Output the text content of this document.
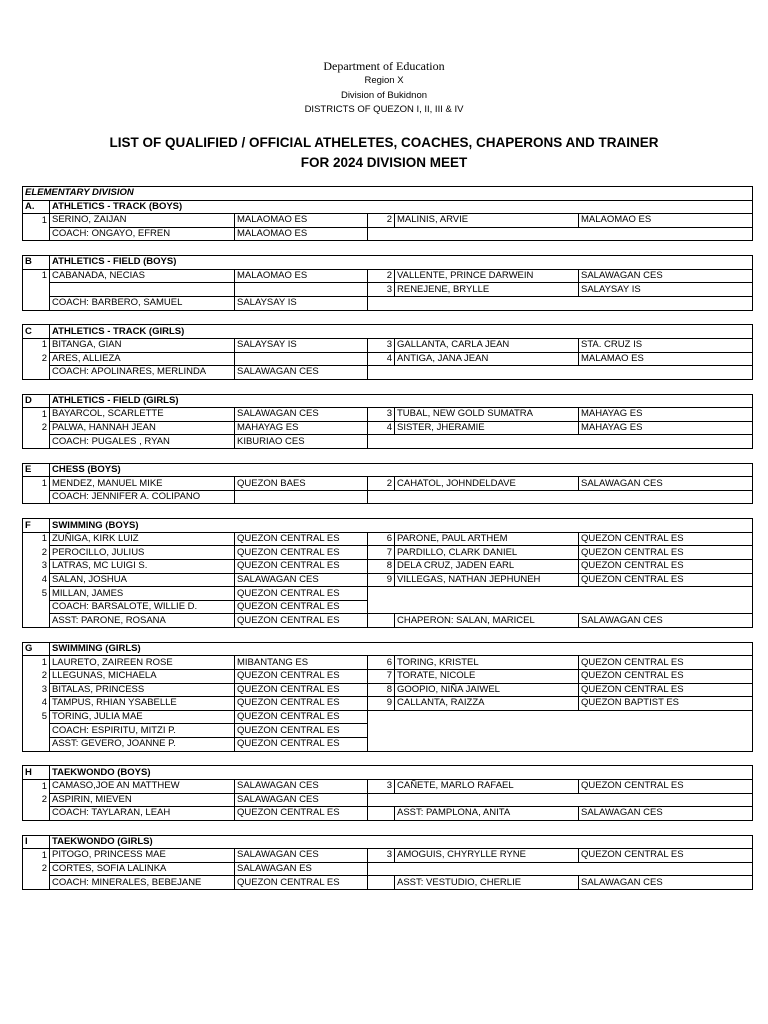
Department of Education
Region X
Division of Bukidnon
DISTRICTS OF QUEZON I, II, III & IV
LIST OF QUALIFIED / OFFICIAL ATHELETES, COACHES, CHAPERONS AND TRAINER
FOR 2024 DIVISION MEET
ELEMENTARY DIVISION					
A.	ATHLETICS - TRACK (BOYS)				
1	SERINO, ZAIJAN	MALAOMAO ES	2	MALINIS, ARVIE	MALAOMAO ES
	COACH: ONGAYO, EFREN	MALAOMAO ES			

B	ATHLETICS - FIELD (BOYS)				
1	CABANADA, NECIAS	MALAOMAO ES	2	VALLENTE, PRINCE DARWEIN	SALAWAGAN CES
			3	RENEJENE, BRYLLE	SALAYSAY IS
	COACH: BARBERO, SAMUEL	SALAYSAY IS			

C	ATHLETICS - TRACK (GIRLS)				
1	BITANGA, GIAN	SALAYSAY IS	3	GALLANTA, CARLA JEAN	STA. CRUZ IS
2	ARES, ALLIEZA		4	ANTIGA, JANA JEAN	MALAMAO ES
	COACH: APOLINARES, MERLINDA	SALAWAGAN CES			

D	ATHLETICS - FIELD (GIRLS)				
1	BAYARCOL, SCARLETTE	SALAWAGAN CES	3	TUBAL, NEW GOLD SUMATRA	MAHAYAG ES
2	PALWA, HANNAH JEAN	MAHAYAG ES	4	SISTER, JHERAMIE	MAHAYAG ES
	COACH: PUGALES , RYAN	KIBURIAO CES			

E	CHESS (BOYS)				
1	MENDEZ, MANUEL MIKE	QUEZON BAES	2	CAHATOL, JOHNDELDAVE	SALAWAGAN CES
	COACH: JENNIFER A. COLIPANO				

F	SWIMMING (BOYS)				
1	ZUÑIGA, KIRK LUIZ	QUEZON CENTRAL ES	6	PARONE, PAUL ARTHEM	QUEZON CENTRAL ES
2	PEROCILLO, JULIUS	QUEZON CENTRAL ES	7	PARDILLO, CLARK DANIEL	QUEZON CENTRAL ES
3	LATRAS, MC LUIGI S.	QUEZON CENTRAL ES	8	DELA CRUZ, JADEN EARL	QUEZON CENTRAL ES
4	SALAN, JOSHUA	SALAWAGAN CES	9	VILLEGAS, NATHAN JEPHUNEH	QUEZON CENTRAL ES
5	MILLAN, JAMES	QUEZON CENTRAL ES			
	COACH: BARSALOTE, WILLIE D.	QUEZON CENTRAL ES			
	ASST: PARONE, ROSANA	QUEZON CENTRAL ES		CHAPERON: SALAN, MARICEL	SALAWAGAN CES

G	SWIMMING (GIRLS)				
1	LAURETO, ZAIREEN ROSE	MIBANTANG ES	6	TORING, KRISTEL	QUEZON CENTRAL ES
2	LLEGUNAS, MICHAELA	QUEZON CENTRAL ES	7	TORATE, NICOLE	QUEZON CENTRAL ES
3	BITALAS, PRINCESS	QUEZON CENTRAL ES	8	GOOPIO, NIÑA JAIWEL	QUEZON CENTRAL ES
4	TAMPUS, RHIAN YSABELLE	QUEZON CENTRAL ES	9	CALLANTA, RAIZZA	QUEZON BAPTIST ES
5	TORING, JULIA MAE	QUEZON CENTRAL ES			
	COACH: ESPIRITU, MITZI P.	QUEZON CENTRAL ES			
	ASST: GEVERO, JOANNE P.	QUEZON CENTRAL ES			

H	TAEKWONDO (BOYS)				
1	CAMASO,JOE AN MATTHEW	SALAWAGAN CES	3	CAÑETE, MARLO RAFAEL	QUEZON CENTRAL ES
2	ASPIRIN, MIEVEN	SALAWAGAN CES			
	COACH: TAYLARAN, LEAH	QUEZON CENTRAL ES		ASST: PAMPLONA, ANITA	SALAWAGAN CES

I	TAEKWONDO (GIRLS)				
1	PITOGO, PRINCESS MAE	SALAWAGAN CES	3	AMOGUIS, CHYRYLLE RYNE	QUEZON CENTRAL ES
2	CORTES, SOFIA LALINKA	SALAWAGAN ES			
	COACH: MINERALES, BEBEJANE	QUEZON CENTRAL ES		ASST: VESTUDIO, CHERLIE	SALAWAGAN CES
